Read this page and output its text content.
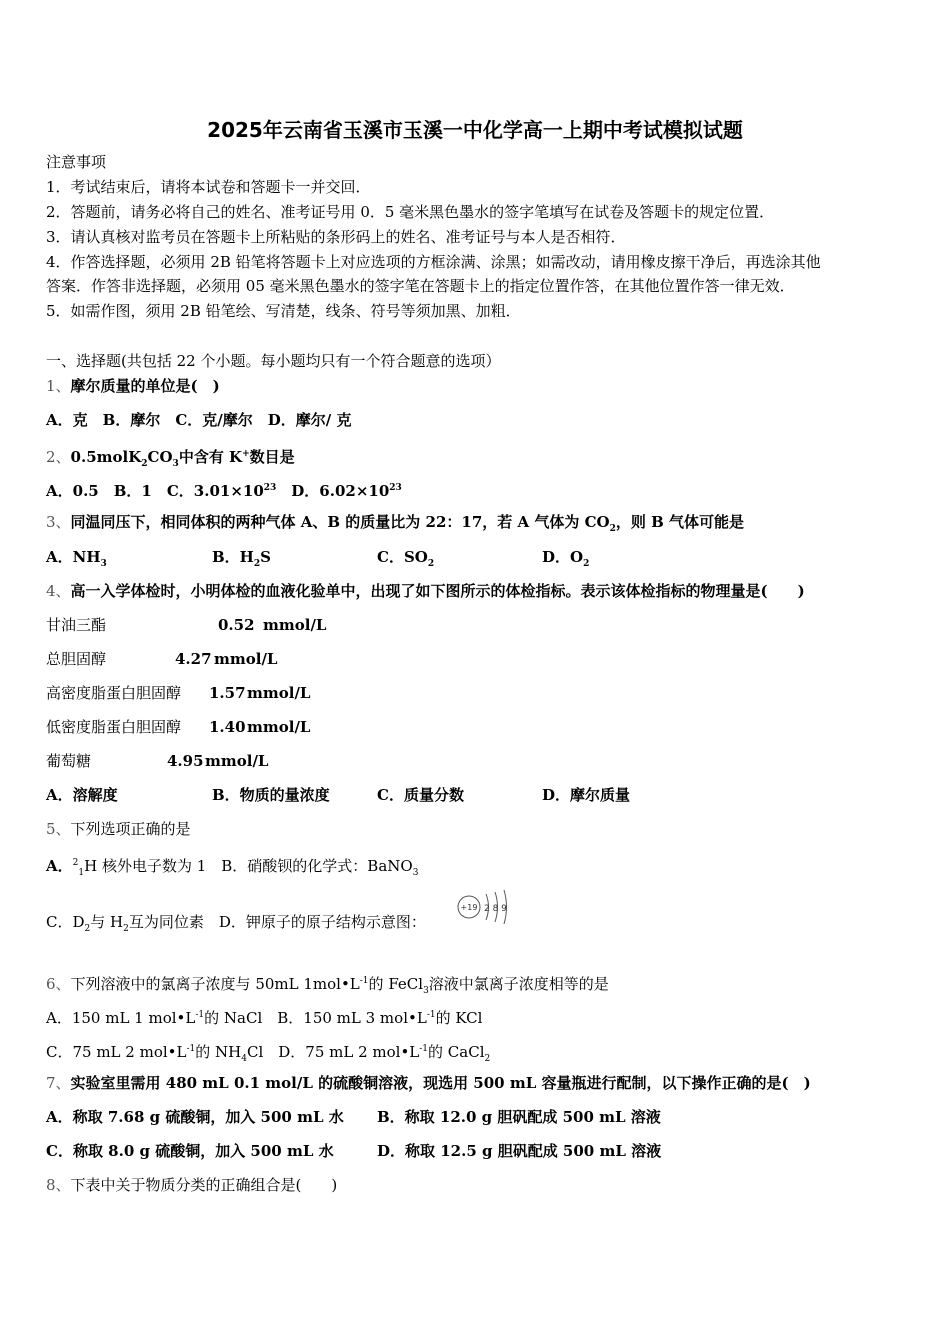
2025年云南省玉溪市玉溪一中化学高一上期中考试模拟试题
注意事项
1．考试结束后，请将本试卷和答题卡一并交回．
2．答题前，请务必将自己的姓名、准考证号用 0．5 毫米黑色墨水的签字笔填写在试卷及答题卡的规定位置．
3．请认真核对监考员在答题卡上所粘贴的条形码上的姓名、准考证号与本人是否相符．
4．作答选择题，必须用 2B 铅笔将答题卡上对应选项的方框涂满、涂黑；如需改动，请用橡皮擦干净后，再选涂其他
答案．作答非选择题，必须用 05 毫米黑色墨水的签字笔在答题卡上的指定位置作答，在其他位置作答一律无效．
5．如需作图，须用 2B 铅笔绘、写清楚，线条、符号等须加黑、加粗．
一、选择题(共包括 22 个小题。每小题均只有一个符合题意的选项）
1、摩尔质量的单位是(　)
A．克　B．摩尔　C．克/摩尔　D．摩尔/ 克
2、$0.5molK_2CO_3$中含有 K+数目是
A．0.5　B．1　C．$3.01\times 10^{23}$　D．$6.02\times 10^{23}$
3、同温同压下，相同体积的两种气体 A、B 的质量比为 22：17，若 A 气体为 $CO_2$，则 B 气体可能是
A．$NH_3$	B．$H_2S$	C．$SO_2$	D．$O_2$
4、高一入学体检时，小明体检的血液化验单中，出现了如下图所示的体检指标。表示该体检指标的物理量是(　　)
甘油三酯	0.52 mmol/L
总胆固醇	4.27 mmol/L
高密度脂蛋白胆固醇 1.57 mmol/L
低密度脂蛋白胆固醇 1.40 mmol/L
葡萄糖	4.95 mmol/L
A．溶解度	B．物质的量浓度	C．质量分数	D．摩尔质量
5、下列选项正确的是
A．$^2_1$H 核外电子数为 1　B．硝酸钡的化学式：BaNO$_3$
C．$D_2$与 $H_2$互为同位素　D．钾原子的原子结构示意图：
+19 2 8 9
6、下列溶液中的氯离子浓度与 50mL $1mol•L^{-1}$的 FeCl$_3$溶液中氯离子浓度相等的是
A．150 mL 1 $mol•L^{-1}$的 NaCl　B．150 mL 3 $mol•L^{-1}$的 KCl
C．75 mL 2 $mol•L^{-1}$的 $NH_4Cl$　D．75 mL 2 $mol•L^{-1}$的 CaCl$_2$
7、实验室里需用 480 mL 0.1 mol/L 的硫酸铜溶液，现选用 500 mL 容量瓶进行配制，以下操作正确的是(　)
A．称取 7.68 g 硫酸铜，加入 500 mL 水 B．称取 12.0 g 胆矾配成 500 mL 溶液
C．称取 8.0 g 硫酸铜，加入 500 mL 水	D．称取 12.5 g 胆矾配成 500 mL 溶液
8、下表中关于物质分类的正确组合是(　　)
